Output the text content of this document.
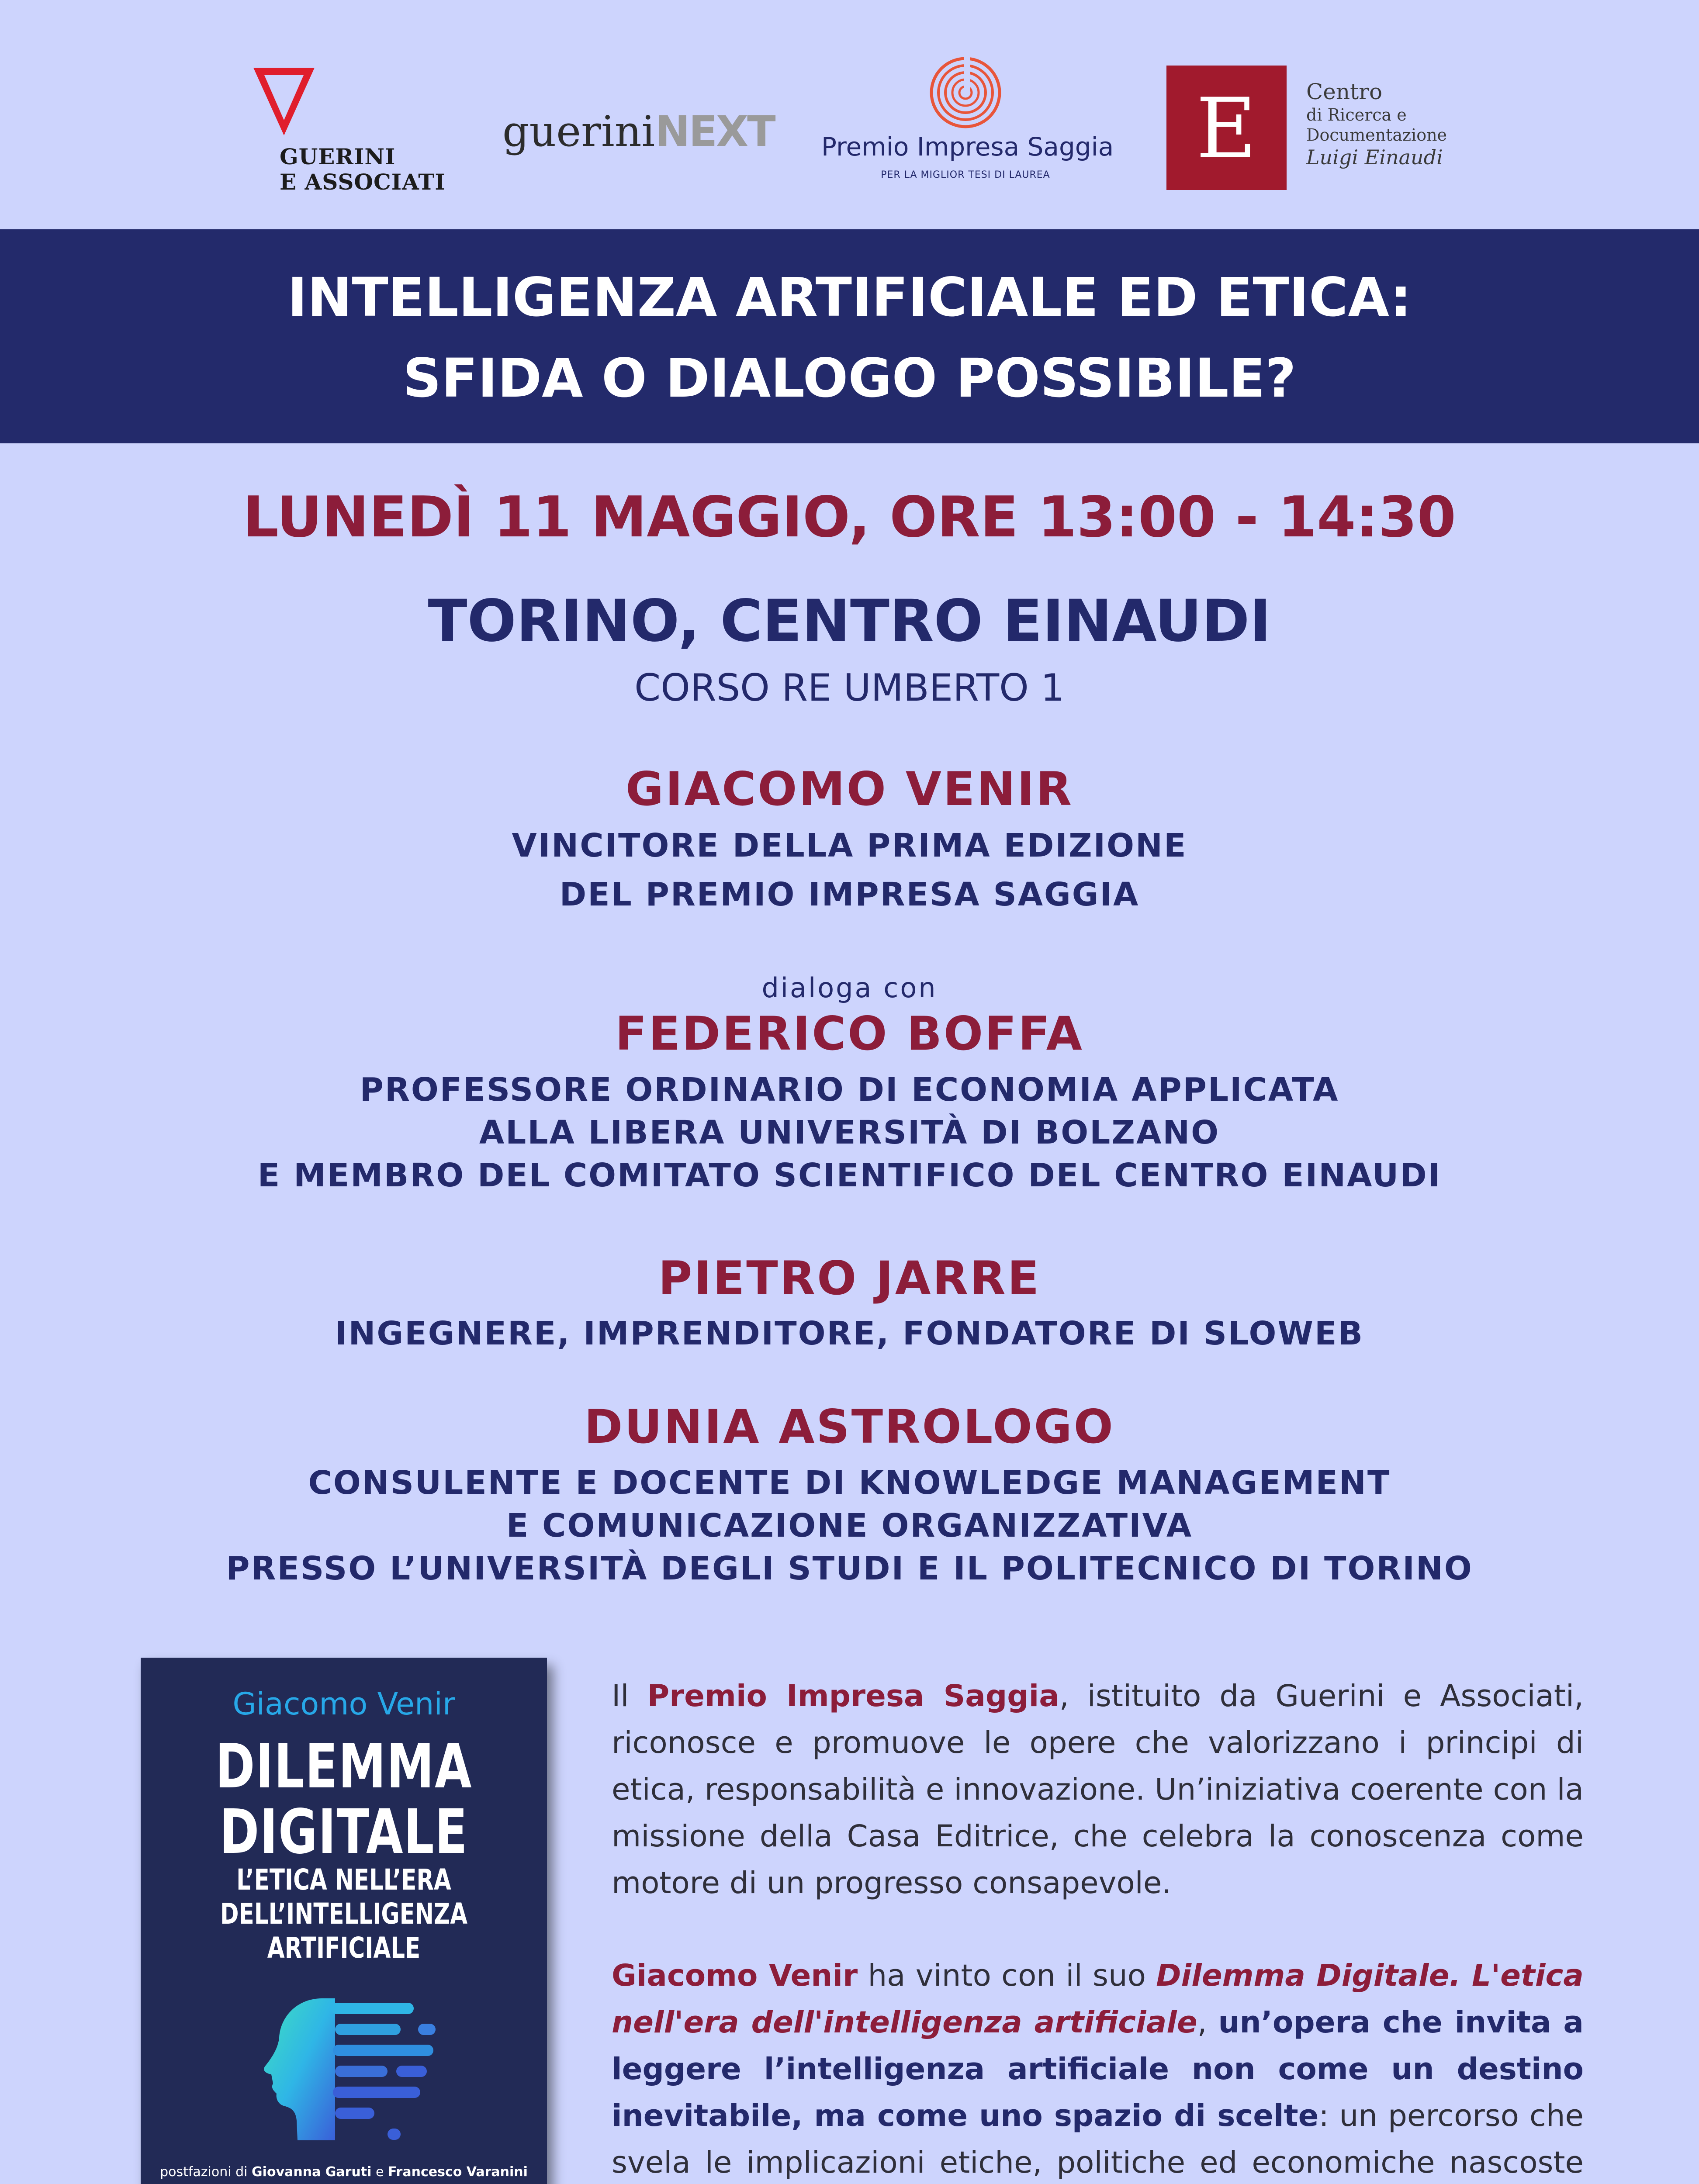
GUERINI
E ASSOCIATI
gueriniNEXT Premio Impresa Saggia
PER LA MIGLIOR TESI DI LAUREA	E Centro
di Ricerca e
Documentazione
Luigi Einaudi
INTELLIGENZA ARTIFICIALE ED ETICA:
SFIDA O DIALOGO POSSIBILE?
LUNEDÌ 11 MAGGIO, ORE 13:00 - 14:30
TORINO, CENTRO EINAUDI
CORSO RE UMBERTO 1
GIACOMO VENIR
VINCITORE DELLA PRIMA EDIZIONE
DEL PREMIO IMPRESA SAGGIA
dialoga con
FEDERICO BOFFA
PROFESSORE ORDINARIO DI ECONOMIA APPLICATA
ALLA LIBERA UNIVERSITÀ DI BOLZANO
E MEMBRO DEL COMITATO SCIENTIFICO DEL CENTRO EINAUDI
PIETRO JARRE
INGEGNERE, IMPRENDITORE, FONDATORE DI SLOWEB
DUNIA ASTROLOGO
CONSULENTE E DOCENTE DI KNOWLEDGE MANAGEMENT
E COMUNICAZIONE ORGANIZZATIVA
PRESSO L’UNIVERSITÀ DEGLI STUDI E IL POLITECNICO DI TORINO
Giacomo Venir
DILEMMA
DIGITALE
L’ETICA NELL’ERA
DELL’INTELLIGENZA
ARTIFICIALE
postfazioni di Giovanna Garuti e Francesco Varanini
Il Premio Impresa Saggia, istituito da Guerini e Associati, riconosce e promuove le opere che valorizzano i principi di etica, responsabilità e innovazione. Un’iniziativa coerente con la missione della Casa Editrice, che celebra la conoscenza come motore di un progresso consapevole.
Giacomo Venir ha vinto con il suo Dilemma Digitale. L'etica nell'era dell'intelligenza artificiale, un’opera che invita a leggere l’intelligenza artificiale non come un destino inevitabile, ma come uno spazio di scelte: un percorso che svela le implicazioni etiche, politiche ed economiche nascoste
